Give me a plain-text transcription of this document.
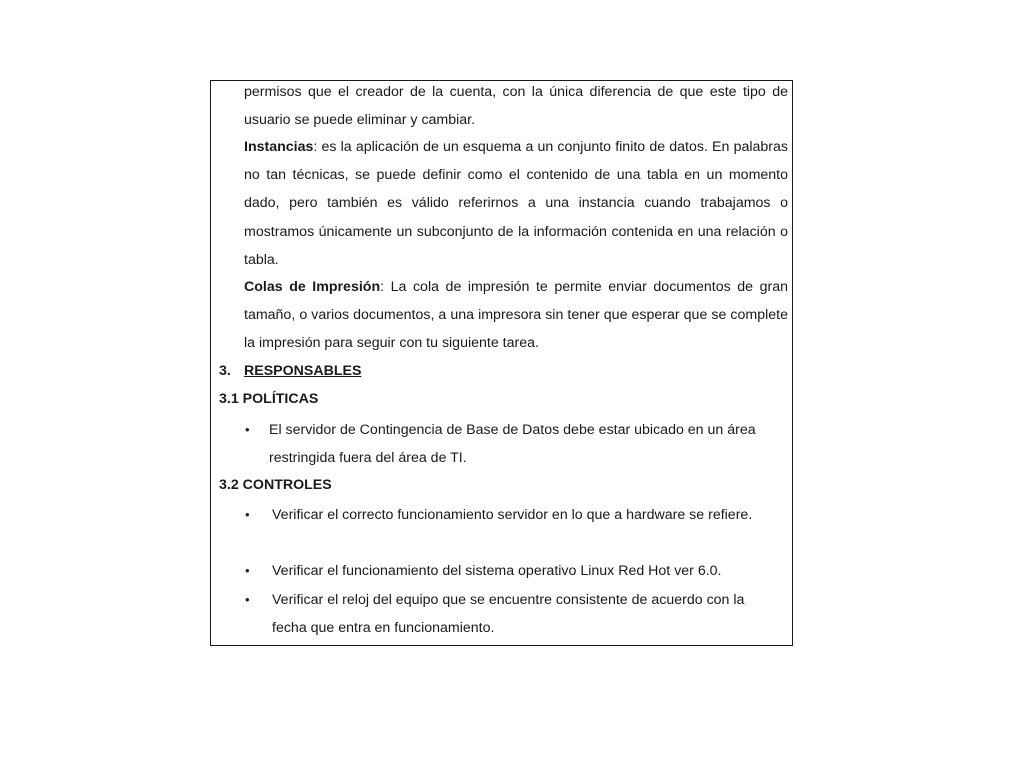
permisos que el creador de la cuenta, con la única diferencia de que este tipo de usuario se puede eliminar y cambiar.
Instancias: es la aplicación de un esquema a un conjunto finito de datos. En palabras no tan técnicas, se puede definir como el contenido de una tabla en un momento dado, pero también es válido referirnos a una instancia cuando trabajamos o mostramos únicamente un subconjunto de la información contenida en una relación o tabla.
Colas de Impresión: La cola de impresión te permite enviar documentos de gran tamaño, o varios documentos, a una impresora sin tener que esperar que se complete la impresión para seguir con tu siguiente tarea.
3. RESPONSABLES
3.1 POLÍTICAS
•	El servidor de Contingencia de Base de Datos debe estar ubicado en un área restringida fuera del área de TI.
3.2 CONTROLES
•	Verificar el correcto funcionamiento servidor en lo que a hardware se refiere.
•	Verificar el funcionamiento del sistema operativo Linux Red Hot ver 6.0.
•	Verificar el reloj del equipo que se encuentre consistente de acuerdo con la fecha que entra en funcionamiento.
